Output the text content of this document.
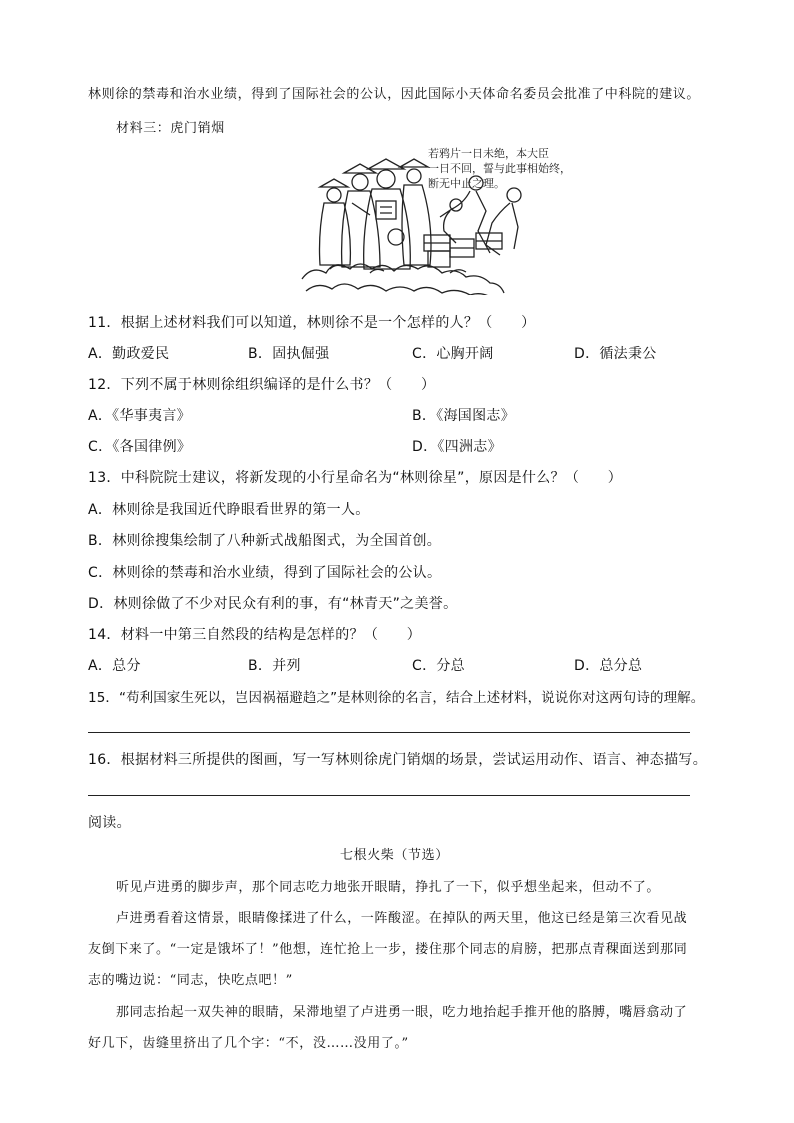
林则徐的禁毒和治水业绩，得到了国际社会的公认，因此国际小天体命名委员会批准了中科院的建议。
材料三：虎门销烟
若鸦片一日未绝，本大臣
一日不回，誓与此事相始终，
断无中止之理。
11．根据上述材料我们可以知道，林则徐不是一个怎样的人？（　　）
A．勤政爱民	B．固执倔强	C．心胸开阔	D．循法秉公
12．下列不属于林则徐组织编译的是什么书？（　　）
A．《华事夷言》	B．《海国图志》
C．《各国律例》	D．《四洲志》
13．中科院院士建议，将新发现的小行星命名为“林则徐星”，原因是什么？（　　）
A．林则徐是我国近代睁眼看世界的第一人。
B．林则徐搜集绘制了八种新式战船图式，为全国首创。
C．林则徐的禁毒和治水业绩，得到了国际社会的公认。
D．林则徐做了不少对民众有利的事，有“林青天”之美誉。
14．材料一中第三自然段的结构是怎样的？（　　）
A．总分	B．并列	C．分总	D．总分总
15．“苟利国家生死以，岂因祸福避趋之”是林则徐的名言，结合上述材料，说说你对这两句诗的理解。
16．根据材料三所提供的图画，写一写林则徐虎门销烟的场景，尝试运用动作、语言、神态描写。
阅读。
七根火柴（节选）
听见卢进勇的脚步声，那个同志吃力地张开眼睛，挣扎了一下，似乎想坐起来，但动不了。
卢进勇看着这情景，眼睛像揉进了什么，一阵酸涩。在掉队的两天里，他这已经是第三次看见战
友倒下来了。“一定是饿坏了！”他想，连忙抢上一步，搂住那个同志的肩膀，把那点青稞面送到那同
志的嘴边说：“同志，快吃点吧！”
那同志抬起一双失神的眼睛，呆滞地望了卢进勇一眼，吃力地抬起手推开他的胳膊，嘴唇翕动了
好几下，齿缝里挤出了几个字：“不，没……没用了。”
